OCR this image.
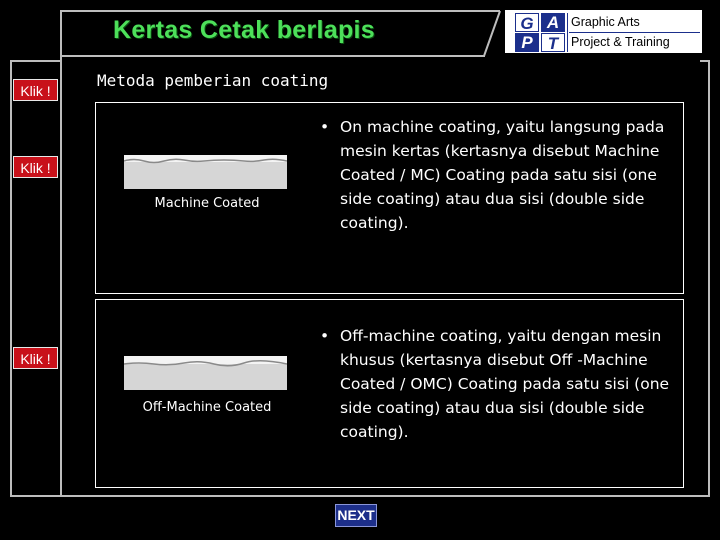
Kertas Cetak berlapis	G A
P T
Graphic Arts
Project & Training
Klik !
Klik !
Klik !
Metoda pemberian coating
Machine Coated
• On machine coating, yaitu langsung pada mesin kertas (kertasnya disebut Machine Coated / MC) Coating pada satu sisi (one side coating) atau dua sisi (double side coating).
Off-Machine Coated
• Off-machine coating, yaitu dengan mesin khusus (kertasnya disebut Off -Machine Coated / OMC) Coating pada satu sisi (one side coating) atau dua sisi (double side coating).
NEXT
